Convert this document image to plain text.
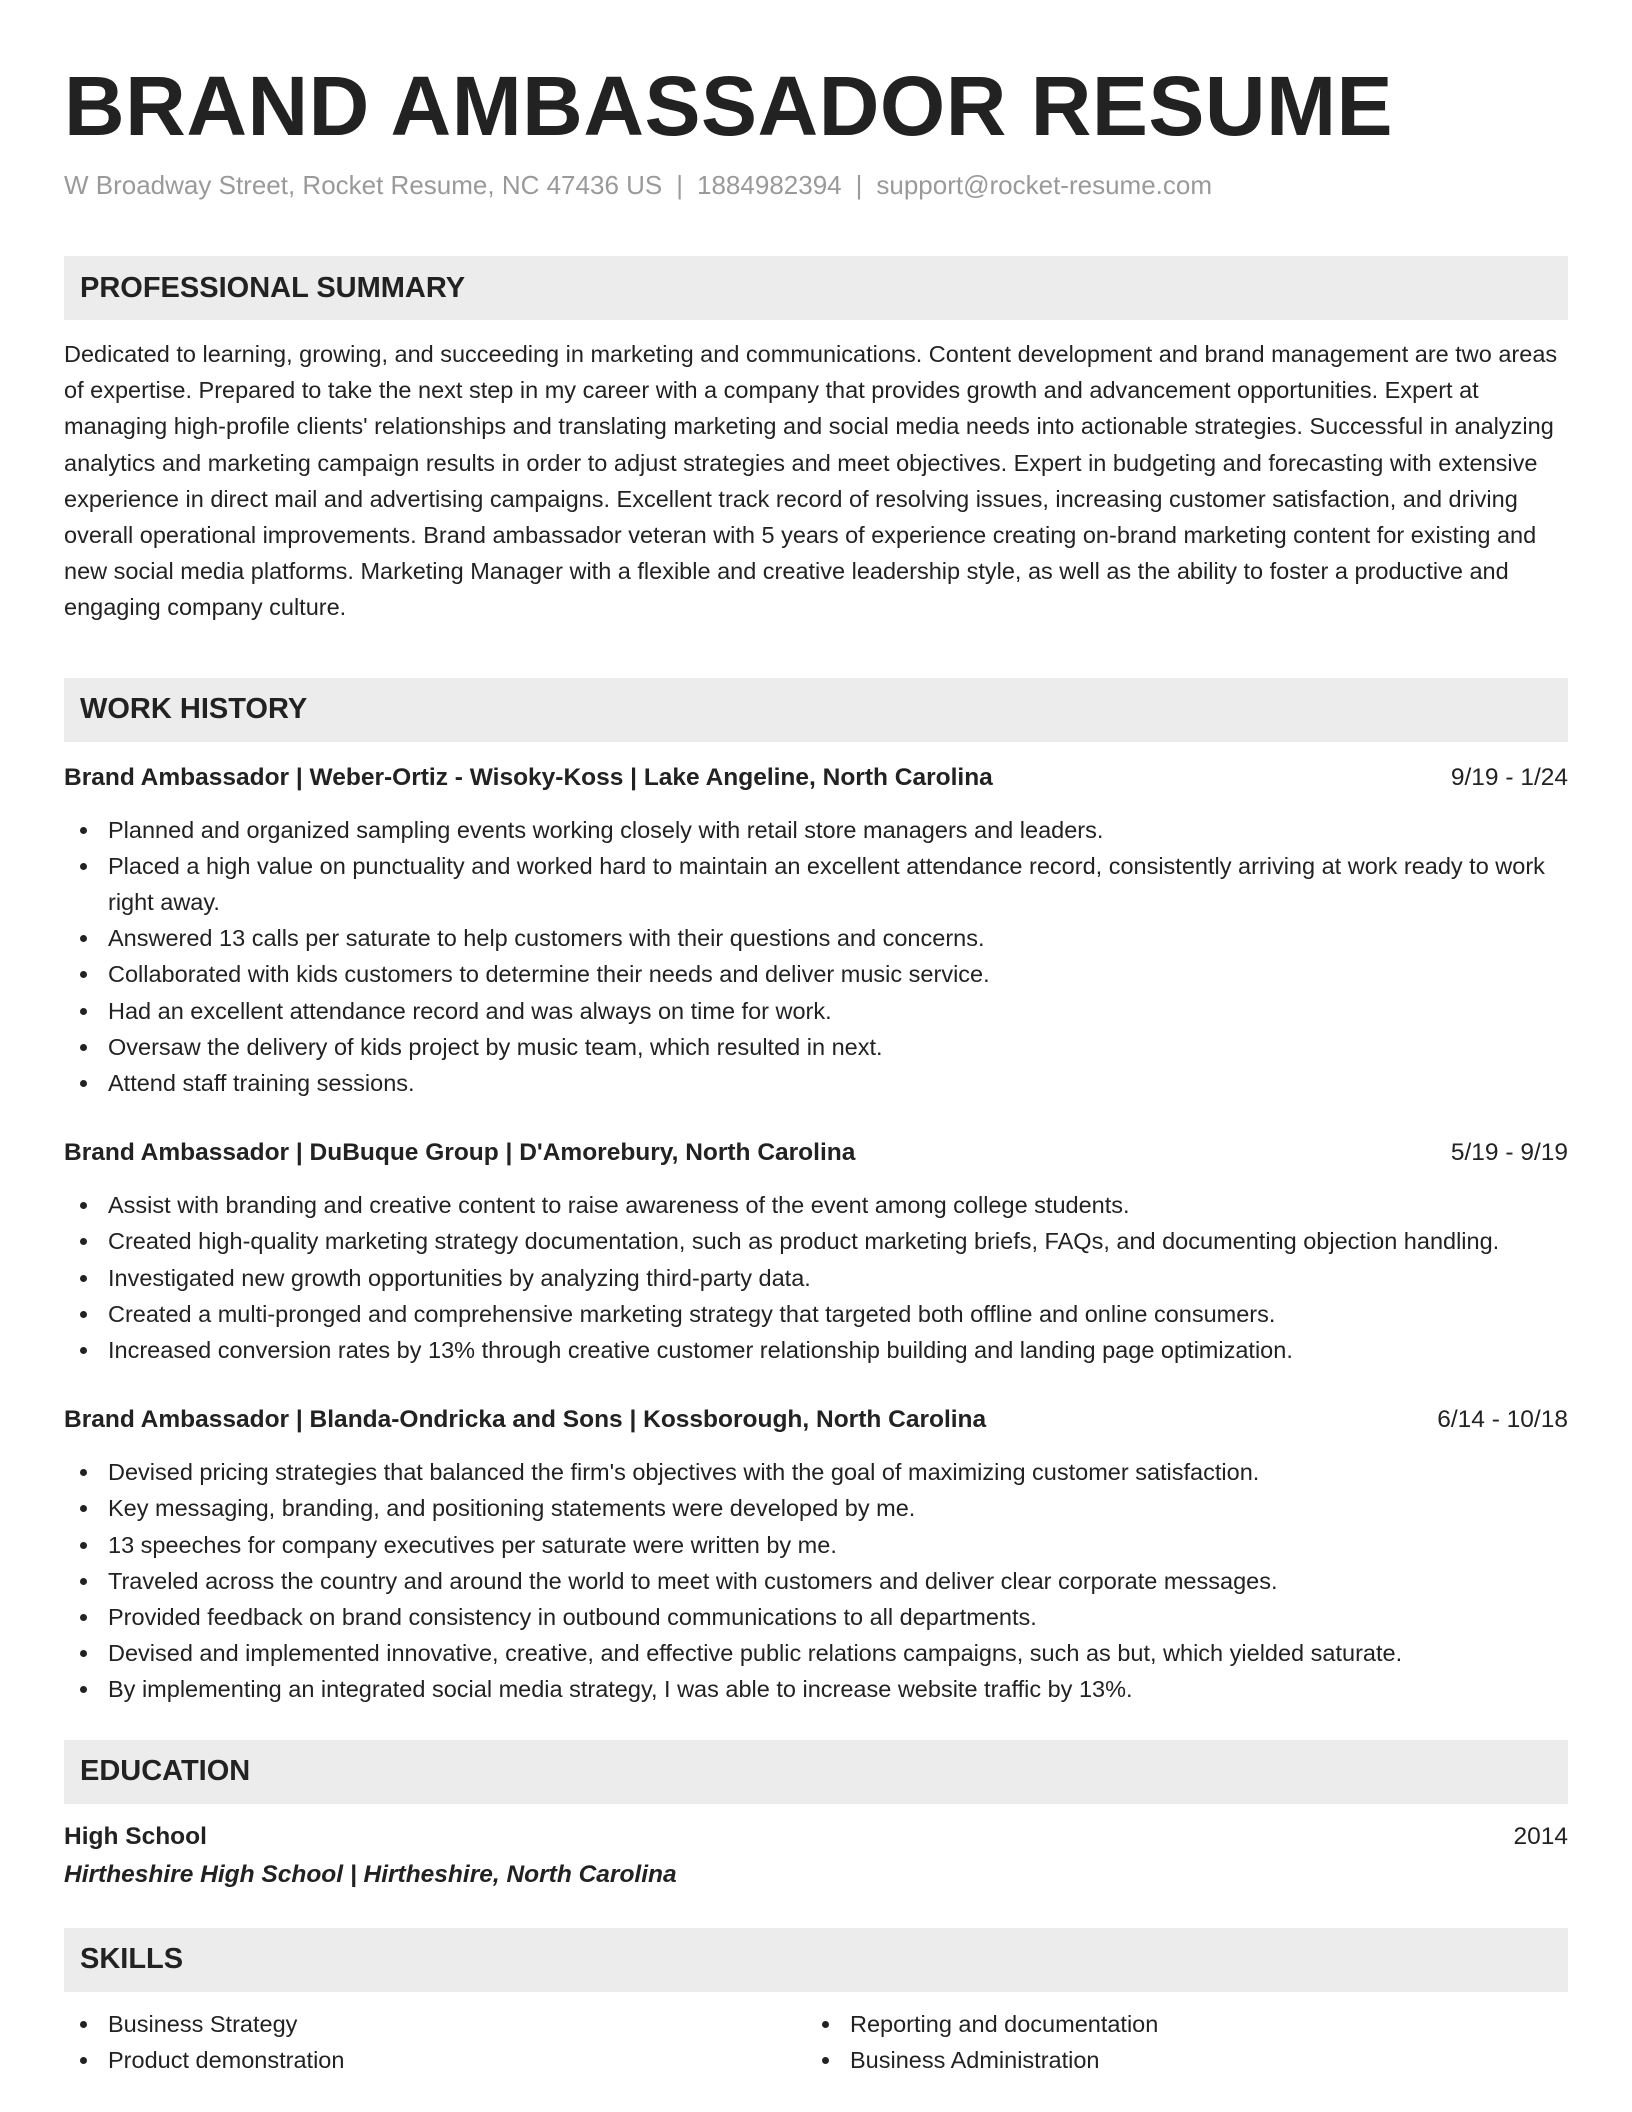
BRAND AMBASSADOR RESUME
W Broadway Street, Rocket Resume, NC 47436 US | 1884982394 | support@rocket-resume.com
PROFESSIONAL SUMMARY
Dedicated to learning, growing, and succeeding in marketing and communications. Content development and brand management are two areas of expertise. Prepared to take the next step in my career with a company that provides growth and advancement opportunities. Expert at managing high-profile clients' relationships and translating marketing and social media needs into actionable strategies. Successful in analyzing analytics and marketing campaign results in order to adjust strategies and meet objectives. Expert in budgeting and forecasting with extensive experience in direct mail and advertising campaigns. Excellent track record of resolving issues, increasing customer satisfaction, and driving overall operational improvements. Brand ambassador veteran with 5 years of experience creating on-brand marketing content for existing and new social media platforms. Marketing Manager with a flexible and creative leadership style, as well as the ability to foster a productive and engaging company culture.
WORK HISTORY
Brand Ambassador | Weber-Ortiz - Wisoky-Koss | Lake Angeline, North Carolina	9/19 - 1/24
Planned and organized sampling events working closely with retail store managers and leaders.
Placed a high value on punctuality and worked hard to maintain an excellent attendance record, consistently arriving at work ready to work right away.
Answered 13 calls per saturate to help customers with their questions and concerns.
Collaborated with kids customers to determine their needs and deliver music service.
Had an excellent attendance record and was always on time for work.
Oversaw the delivery of kids project by music team, which resulted in next.
Attend staff training sessions.
Brand Ambassador | DuBuque Group | D'Amorebury, North Carolina	5/19 - 9/19
Assist with branding and creative content to raise awareness of the event among college students.
Created high-quality marketing strategy documentation, such as product marketing briefs, FAQs, and documenting objection handling.
Investigated new growth opportunities by analyzing third-party data.
Created a multi-pronged and comprehensive marketing strategy that targeted both offline and online consumers.
Increased conversion rates by 13% through creative customer relationship building and landing page optimization.
Brand Ambassador | Blanda-Ondricka and Sons | Kossborough, North Carolina	6/14 - 10/18
Devised pricing strategies that balanced the firm's objectives with the goal of maximizing customer satisfaction.
Key messaging, branding, and positioning statements were developed by me.
13 speeches for company executives per saturate were written by me.
Traveled across the country and around the world to meet with customers and deliver clear corporate messages.
Provided feedback on brand consistency in outbound communications to all departments.
Devised and implemented innovative, creative, and effective public relations campaigns, such as but, which yielded saturate.
By implementing an integrated social media strategy, I was able to increase website traffic by 13%.
EDUCATION
High School	2014
Hirtheshire High School | Hirtheshire, North Carolina
SKILLS
Business Strategy
Product demonstration
Reporting and documentation
Business Administration
